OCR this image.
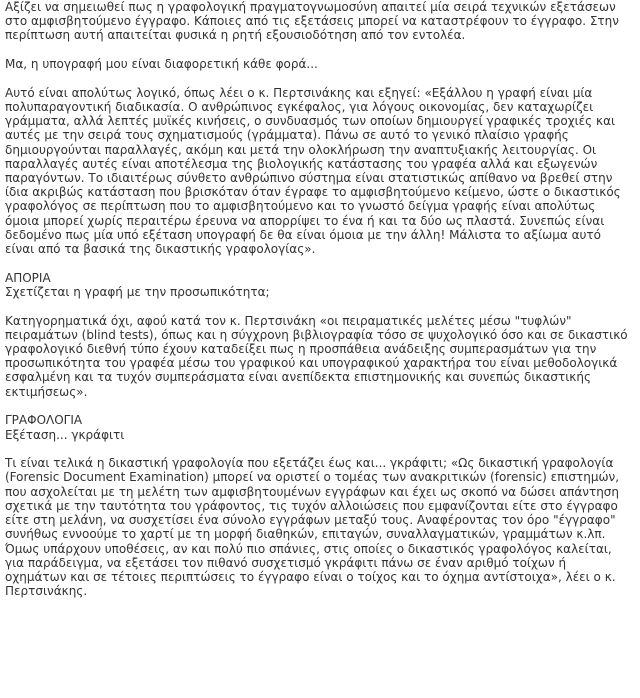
Αξίζει να σημειωθεί πως η γραφολογική πραγματογνωμοσύνη απαιτεί μία σειρά τεχνικών εξετάσεων στο αμφισβητούμενο έγγραφο. Κάποιες από τις εξετάσεις μπορεί να καταστρέφουν το έγγραφο. Στην περίπτωση αυτή απαιτείται φυσικά η ρητή εξουσιοδότηση από τον εντολέα.

Μα, η υπογραφή μου είναι διαφορετική κάθε φορά...

Αυτό είναι απολύτως λογικό, όπως λέει ο κ. Περτσινάκης και εξηγεί: «Εξάλλου η γραφή είναι μία πολυπαραγοντική διαδικασία. Ο ανθρώπινος εγκέφαλος, για λόγους οικονομίας, δεν καταχωρίζει γράμματα, αλλά λεπτές μυϊκές κινήσεις, ο συνδυασμός των οποίων δημιουργεί γραφικές τροχιές και αυτές με την σειρά τους σχηματισμούς (γράμματα). Πάνω σε αυτό το γενικό πλαίσιο γραφής δημιουργούνται παραλλαγές, ακόμη και μετά την ολοκλήρωση την αναπτυξιακής λειτουργίας. Οι παραλλαγές αυτές είναι αποτέλεσμα της βιολογικής κατάστασης του γραφέα αλλά και εξωγενών παραγόντων. Το ιδιαιτέρως σύνθετο ανθρώπινο σύστημα είναι στατιστικώς απίθανο να βρεθεί στην ίδια ακριβώς κατάσταση που βρισκόταν όταν έγραφε το αμφισβητούμενο κείμενο, ώστε ο δικαστικός γραφολόγος σε περίπτωση που το αμφισβητούμενο και το γνωστό δείγμα γραφής είναι απολύτως όμοια μπορεί χωρίς περαιτέρω έρευνα να απορρίψει το ένα ή και τα δύο ως πλαστά. Συνεπώς είναι δεδομένο πως μία υπό εξέταση υπογραφή δε θα είναι όμοια με την άλλη! Μάλιστα το αξίωμα αυτό είναι από τα βασικά της δικαστικής γραφολογίας».

ΑΠΟΡΙΑ
Σχετίζεται η γραφή με την προσωπικότητα;

Κατηγορηματικά όχι, αφού κατά τον κ. Περτσινάκη «οι πειραματικές μελέτες μέσω "τυφλών" πειραμάτων (blind tests), όπως και η σύγχρονη βιβλιογραφία τόσο σε ψυχολογικό όσο και σε δικαστικό γραφολογικό διεθνή τύπο έχουν καταδείξει πως η προσπάθεια ανάδειξης συμπερασμάτων για την προσωπικότητα του γραφέα μέσω του γραφικού και υπογραφικού χαρακτήρα του είναι μεθοδολογικά εσφαλμένη και τα τυχόν συμπεράσματα είναι ανεπίδεκτα επιστημονικής και συνεπώς δικαστικής εκτιμήσεως».

ΓΡΑΦΟΛΟΓΙΑ
Εξέταση... γκράφιτι

Τι είναι τελικά η δικαστική γραφολογία που εξετάζει έως και... γκράφιτι; «Ως δικαστική γραφολογία (Forensic Document Examination) μπορεί να οριστεί ο τομέας των ανακριτικών (forensic) επιστημών, που ασχολείται με τη μελέτη των αμφισβητουμένων εγγράφων και έχει ως σκοπό να δώσει απάντηση σχετικά με την ταυτότητα του γράφοντος, τις τυχόν αλλοιώσεις που εμφανίζονται είτε στο έγγραφο είτε στη μελάνη, να συσχετίσει ένα σύνολο εγγράφων μεταξύ τους. Αναφέροντας τον όρο "έγγραφο" συνήθως εννοούμε το χαρτί με τη μορφή διαθηκών, επιταγών, συναλλαγματικών, γραμμάτων κ.λπ. Όμως υπάρχουν υποθέσεις, αν και πολύ πιο σπάνιες, στις οποίες ο δικαστικός γραφολόγος καλείται, για παράδειγμα, να εξετάσει τον πιθανό συσχετισμό γκράφιτι πάνω σε έναν αριθμό τοίχων ή οχημάτων και σε τέτοιες περιπτώσεις το έγγραφο είναι ο τοίχος και το όχημα αντίστοιχα», λέει ο κ. Περτσινάκης.
